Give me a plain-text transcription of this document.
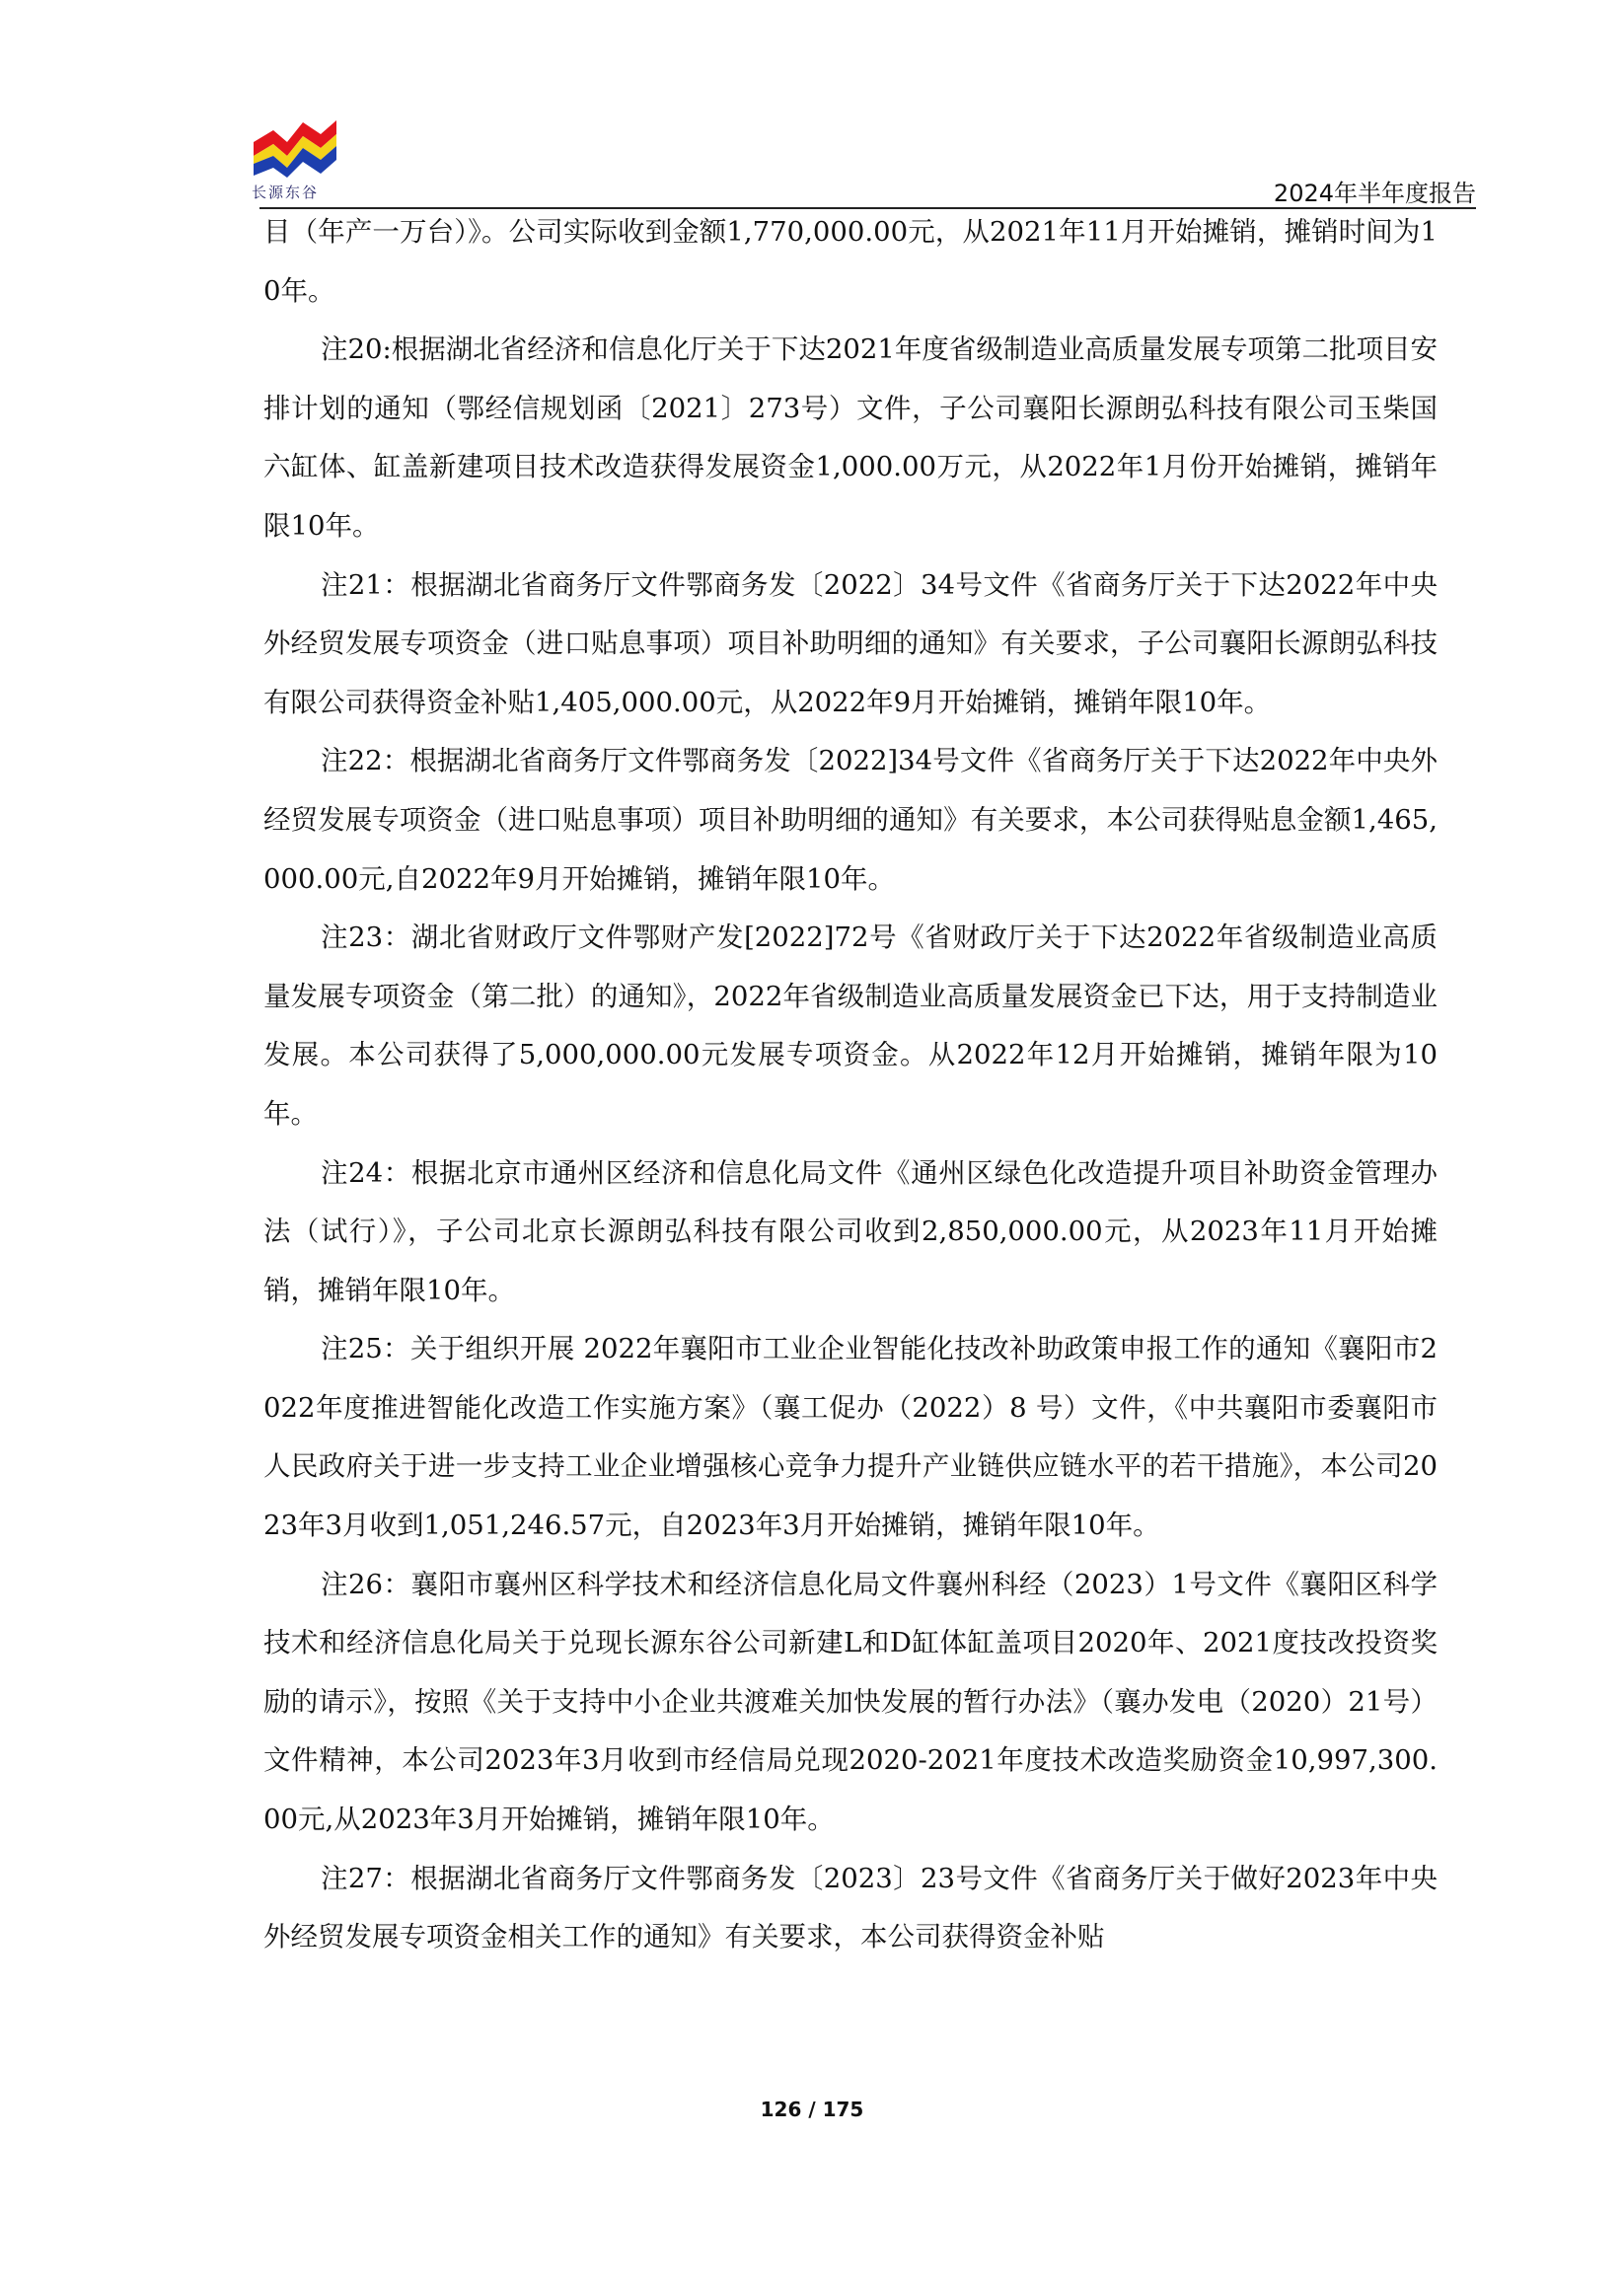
长源东谷	2024年半年度报告

目（年产一万台）》。公司实际收到金额1,770,000.00元，从2021年11月开始摊销，摊销时间为10年。

注20:根据湖北省经济和信息化厅关于下达2021年度省级制造业高质量发展专项第二批项目安排计划的通知（鄂经信规划函〔2021〕273号）文件，子公司襄阳长源朗弘科技有限公司玉柴国六缸体、缸盖新建项目技术改造获得发展资金1,000.00万元，从2022年1月份开始摊销，摊销年限10年。

注21：根据湖北省商务厅文件鄂商务发〔2022〕34号文件《省商务厅关于下达2022年中央外经贸发展专项资金（进口贴息事项）项目补助明细的通知》有关要求，子公司襄阳长源朗弘科技有限公司获得资金补贴1,405,000.00元，从2022年9月开始摊销，摊销年限10年。

注22：根据湖北省商务厅文件鄂商务发〔2022]34号文件《省商务厅关于下达2022年中央外经贸发展专项资金（进口贴息事项）项目补助明细的通知》有关要求，本公司获得贴息金额1,465,000.00元,自2022年9月开始摊销，摊销年限10年。

注23：湖北省财政厅文件鄂财产发[2022]72号《省财政厅关于下达2022年省级制造业高质量发展专项资金（第二批）的通知》，2022年省级制造业高质量发展资金已下达，用于支持制造业发展。本公司获得了5,000,000.00元发展专项资金。从2022年12月开始摊销，摊销年限为10年。

注24：根据北京市通州区经济和信息化局文件《通州区绿色化改造提升项目补助资金管理办法（试行）》，子公司北京长源朗弘科技有限公司收到2,850,000.00元，从2023年11月开始摊销，摊销年限10年。

注25：关于组织开展 2022年襄阳市工业企业智能化技改补助政策申报工作的通知《襄阳市2022年度推进智能化改造工作实施方案》（襄工促办（2022）8 号）文件，《中共襄阳市委襄阳市人民政府关于进一步支持工业企业增强核心竞争力提升产业链供应链水平的若干措施》，本公司2023年3月收到1,051,246.57元，自2023年3月开始摊销，摊销年限10年。

注26：襄阳市襄州区科学技术和经济信息化局文件襄州科经（2023）1号文件《襄阳区科学技术和经济信息化局关于兑现长源东谷公司新建L和D缸体缸盖项目2020年、2021度技改投资奖励的请示》，按照《关于支持中小企业共渡难关加快发展的暂行办法》（襄办发电（2020）21号）文件精神，本公司2023年3月收到市经信局兑现2020-2021年度技术改造奖励资金10,997,300.00元,从2023年3月开始摊销，摊销年限10年。

注27：根据湖北省商务厅文件鄂商务发〔2023〕23号文件《省商务厅关于做好2023年中央外经贸发展专项资金相关工作的通知》有关要求，本公司获得资金补贴

126 / 175
